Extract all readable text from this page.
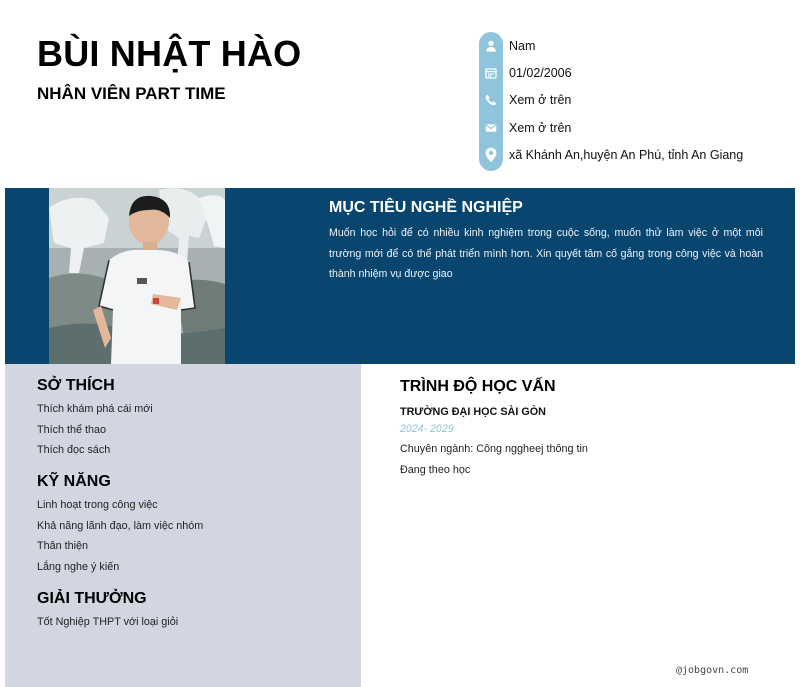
BÙI NHẬT HÀO
NHÂN VIÊN PART TIME
Nam
01/02/2006
Xem ở trên
Xem ở trên
xã Khánh An,huyện An Phú, tỉnh An Giang
MỤC TIÊU NGHỀ NGHIỆP

Muốn học hỏi để có nhiều kinh nghiệm trong cuộc sống, muốn thử làm việc ở một môi trường mới để có thể phát triển mình hơn. Xin quyết tâm cố gắng trong công việc và hoàn thành nhiệm vụ được giao

SỞ THÍCH
Thích khám phá cái mới
Thích thể thao
Thích đọc sách
KỸ NĂNG
Linh hoạt trong công việc
Khả năng lãnh đạo, làm việc nhóm
Thân thiện
Lắng nghe ý kiến
GIẢI THƯỞNG
Tốt Nghiệp THPT với loại giỏi
TRÌNH ĐỘ HỌC VẤN
TRƯỜNG ĐẠI HỌC SÀI GÒN
2024- 2029
Chuyên ngành: Công nggheej thông tin
Đang theo học
@jobgovn.com
